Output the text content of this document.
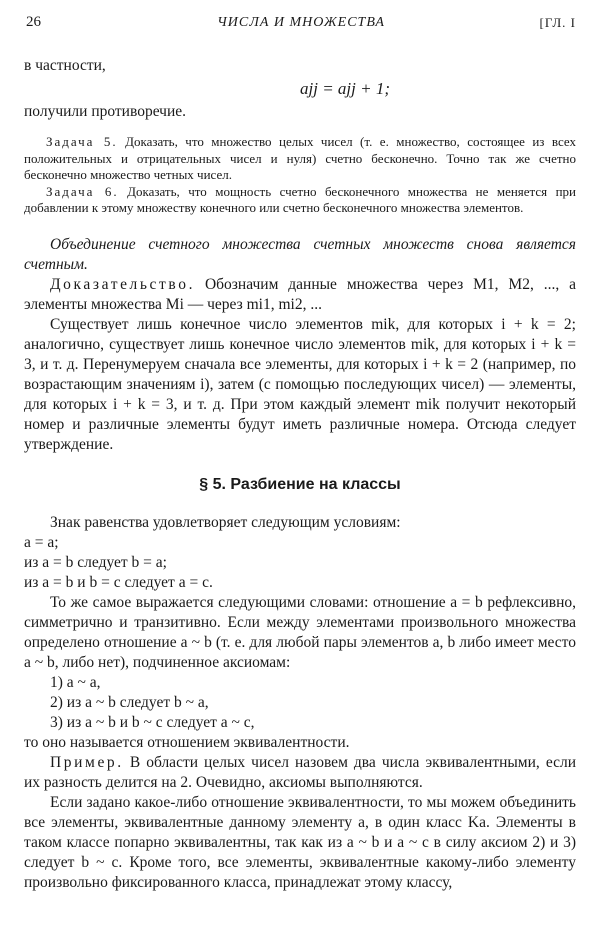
26	ЧИСЛА И МНОЖЕСТВА	[ГЛ. I

в частности,

ajj = ajj + 1;

получили противоречие.

Задача 5. Доказать, что множество целых чисел (т. е. множество, состоящее из всех положительных и отрицательных чисел и нуля) счетно бесконечно. Точно так же счетно бесконечно множество четных чисел.

Задача 6. Доказать, что мощность счетно бесконечного множества не меняется при добавлении к этому множеству конечного или счетно бесконечного множества элементов.

Объединение счетного множества счетных множеств снова является счетным.

Доказательство. Обозначим данные множества через M1, M2, ..., а элементы множества Mi — через mi1, mi2, ...

Существует лишь конечное число элементов mik, для которых i + k = 2; аналогично, существует лишь конечное число элементов mik, для которых i + k = 3, и т. д. Перенумеруем сначала все элементы, для которых i + k = 2 (например, по возрастающим значениям i), затем (с помощью последующих чисел) — элементы, для которых i + k = 3, и т. д. При этом каждый элемент mik получит некоторый номер и различные элементы будут иметь различные номера. Отсюда следует утверждение.

§ 5. Разбиение на классы

Знак равенства удовлетворяет следующим условиям:

a = a;
из a = b следует b = a;
из a = b и b = c следует a = c.

То же самое выражается следующими словами: отношение a = b рефлексивно, симметрично и транзитивно. Если между элементами произвольного множества определено отношение a ~ b (т. е. для любой пары элементов a, b либо имеет место a ~ b, либо нет), подчиненное аксиомам:

1) a ~ a,
2) из a ~ b следует b ~ a,
3) из a ~ b и b ~ c следует a ~ c,

то оно называется отношением эквивалентности.

Пример. В области целых чисел назовем два числа эквивалентными, если их разность делится на 2. Очевидно, аксиомы выполняются.

Если задано какое-либо отношение эквивалентности, то мы можем объединить все элементы, эквивалентные данному элементу a, в один класс Ka. Элементы в таком классе попарно эквивалентны, так как из a ~ b и a ~ c в силу аксиом 2) и 3) следует b ~ c. Кроме того, все элементы, эквивалентные какому-либо элементу произвольно фиксированного класса, принадлежат этому классу,
